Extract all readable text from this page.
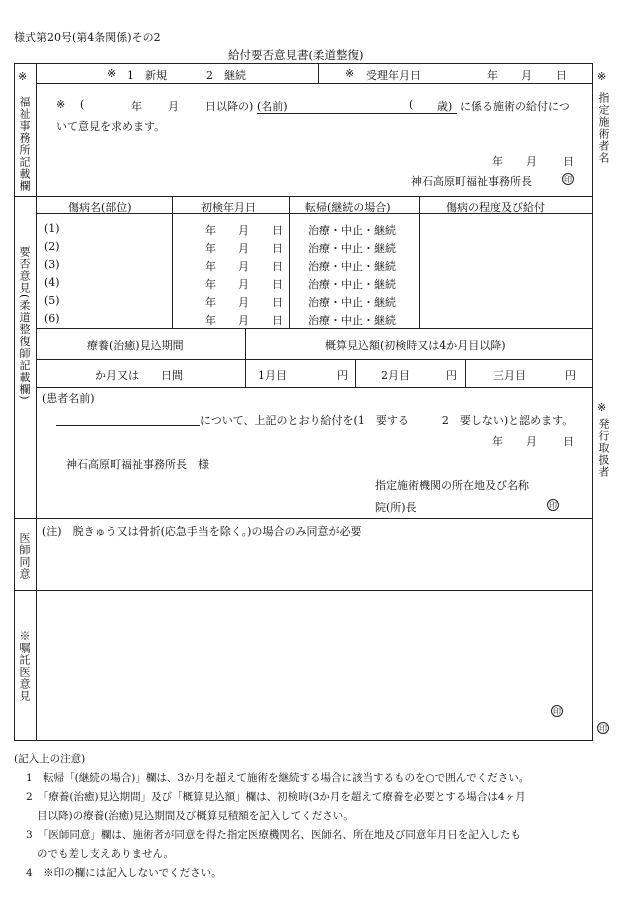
様式第20号(第4条関係)その2
給付要否意見書(柔道整復)
※
福祉事務所記載欄
※ 1　新規	2　継続	※ 受理年月日	年 月 日
※ (	年 月 日以降の) (名前)	( 歳) に係る施術の給付につ
いて意見を求めます。
年 月 日
神石高原町福祉事務所長	印
要否意見(柔道整復師記載欄)
傷病名(部位)	初検年月日	転帰(継続の場合)	傷病の程度及び給付
(1)	年 月 日 治療・中止・継続
(2)	年 月 日 治療・中止・継続
(3)	年 月 日 治療・中止・継続
(4)	年 月 日 治療・中止・継続
(5)	年 月 日 治療・中止・継続
(6)	年 月 日 治療・中止・継続
療養(治癒)見込期間	概算見込額(初検時又は4か月目以降)
か月又は　　日間	1月目	円	2月目	円	三月目	円
(患者名前)
について、上記のとおり給付を(1　要する　　　2　要しない)と認めます。
年 月 日
神石高原町福祉事務所長　様
指定施術機関の所在地及び名称
院(所)長	印
医師同意
(注)　脱きゅう又は骨折(応急手当を除く。)の場合のみ同意が必要
※嘱託医意見
印
※
指定施術者名
※
発行取扱者
印
(記入上の注意)
1　転帰「(継続の場合)」欄は、3か月を超えて施術を継続する場合に該当するものを○で囲んでください。
2　「療養(治癒)見込期間」及び「概算見込額」欄は、初検時(3か月を超えて療養を必要とする場合は4ヶ月
目以降)の療養(治癒)見込期間及び概算見積額を記入してください。
3　「医師同意」欄は、施術者が同意を得た指定医療機関名、医師名、所在地及び同意年月日を記入したも
のでも差し支えありません。
4　※印の欄には記入しないでください。
